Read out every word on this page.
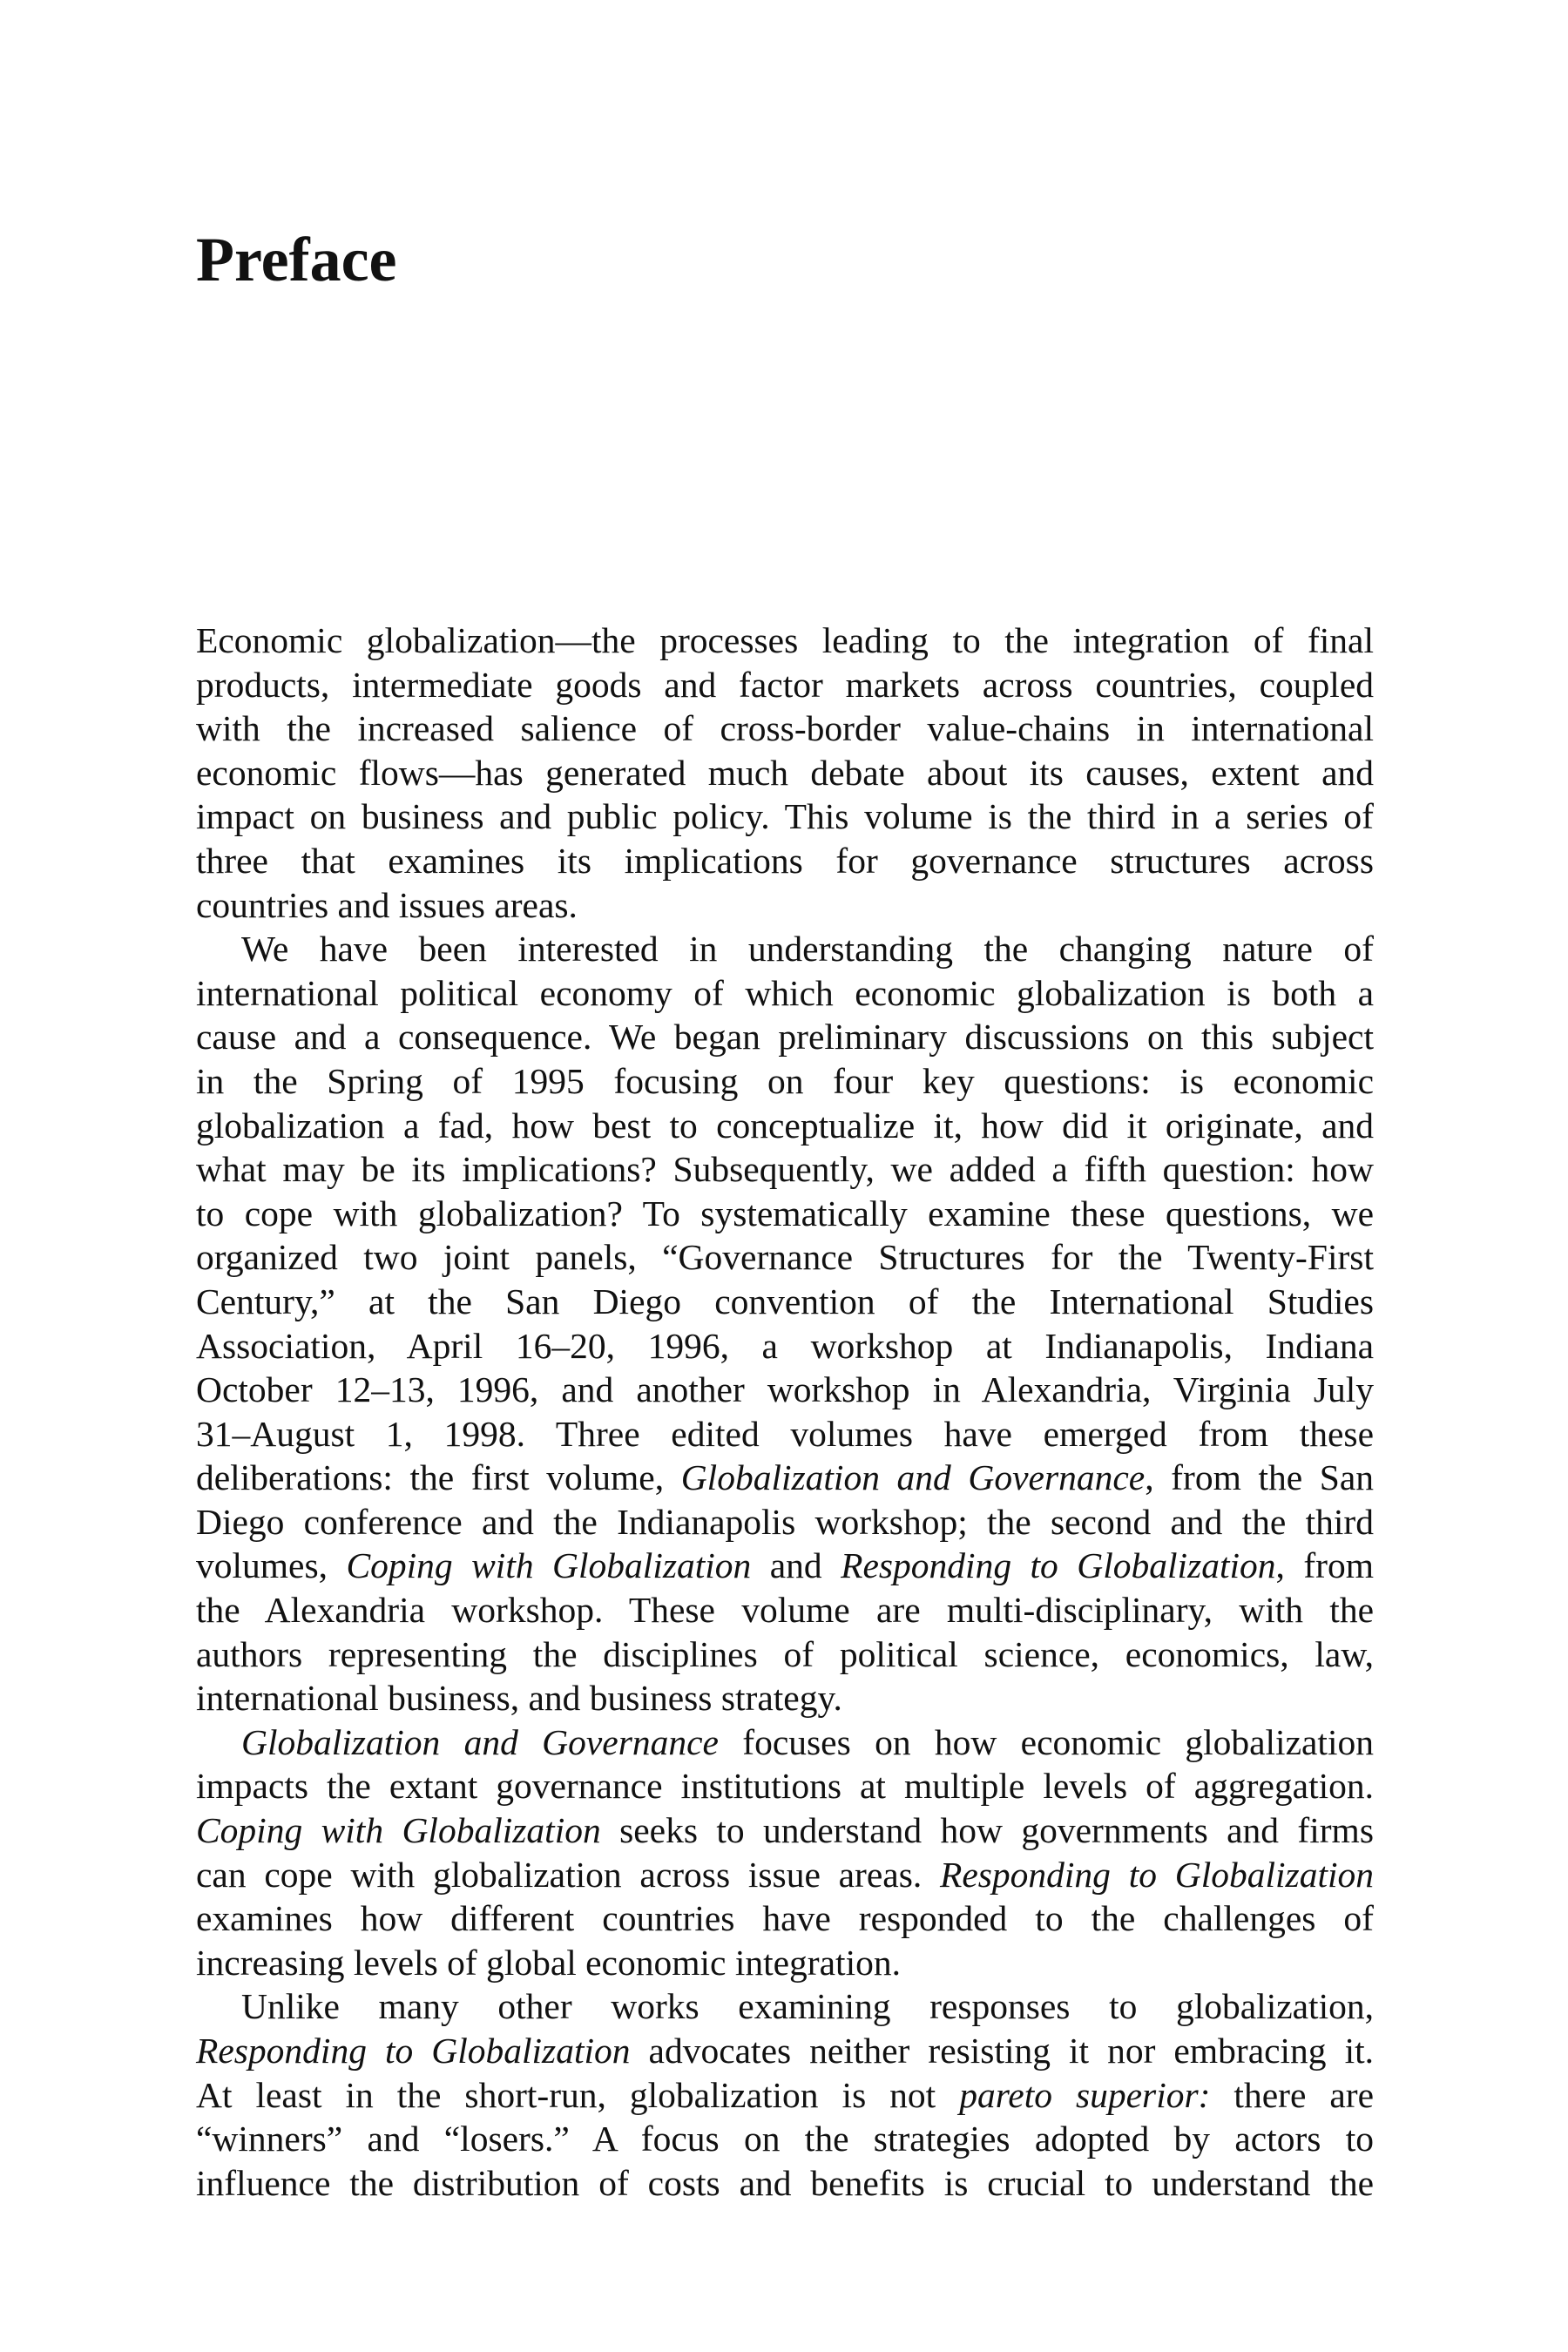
Preface

Economic globalization—the processes leading to the integration of final
products, intermediate goods and factor markets across countries, coupled
with the increased salience of cross-border value-chains in international
economic flows—has generated much debate about its causes, extent and
impact on business and public policy. This volume is the third in a series of
three that examines its implications for governance structures across
countries and issues areas.

We have been interested in understanding the changing nature of
international political economy of which economic globalization is both a
cause and a consequence. We began preliminary discussions on this subject
in the Spring of 1995 focusing on four key questions: is economic
globalization a fad, how best to conceptualize it, how did it originate, and
what may be its implications? Subsequently, we added a fifth question: how
to cope with globalization? To systematically examine these questions, we
organized two joint panels, “Governance Structures for the Twenty-First
Century,” at the San Diego convention of the International Studies
Association, April 16–20, 1996, a workshop at Indianapolis, Indiana
October 12–13, 1996, and another workshop in Alexandria, Virginia July
31–August 1, 1998. Three edited volumes have emerged from these
deliberations: the first volume, Globalization and Governance, from the San
Diego conference and the Indianapolis workshop; the second and the third
volumes, Coping with Globalization and Responding to Globalization, from
the Alexandria workshop. These volume are multi-disciplinary, with the
authors representing the disciplines of political science, economics, law,
international business, and business strategy.

Globalization and Governance focuses on how economic globalization
impacts the extant governance institutions at multiple levels of aggregation.
Coping with Globalization seeks to understand how governments and firms
can cope with globalization across issue areas. Responding to Globalization
examines how different countries have responded to the challenges of
increasing levels of global economic integration.

Unlike many other works examining responses to globalization,
Responding to Globalization advocates neither resisting it nor embracing it.
At least in the short-run, globalization is not pareto superior: there are
“winners” and “losers.” A focus on the strategies adopted by actors to
influence the distribution of costs and benefits is crucial to understand the
